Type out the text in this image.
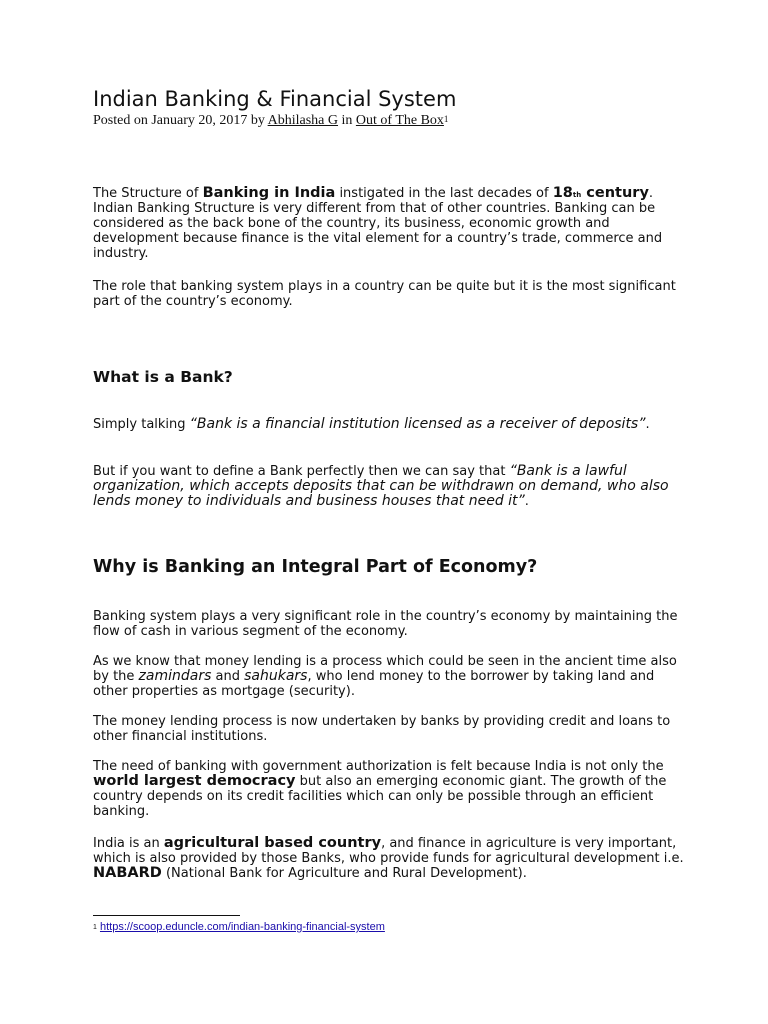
Indian Banking & Financial System
Posted on January 20, 2017 by Abhilasha G in Out of The Box$^1$

The Structure of Banking in India instigated in the last decades of 18th century. Indian Banking Structure is very different from that of other countries. Banking can be considered as the back bone of the country, its business, economic growth and development because finance is the vital element for a country’s trade, commerce and industry.

The role that banking system plays in a country can be quite but it is the most significant part of the country’s economy.

What is a Bank?

Simply talking “Bank is a financial institution licensed as a receiver of deposits”.

But if you want to define a Bank perfectly then we can say that “Bank is a lawful organization, which accepts deposits that can be withdrawn on demand, who also lends money to individuals and business houses that need it”.

Why is Banking an Integral Part of Economy?

Banking system plays a very significant role in the country’s economy by maintaining the flow of cash in various segment of the economy.

As we know that money lending is a process which could be seen in the ancient time also by the zamindars and sahukars, who lend money to the borrower by taking land and other properties as mortgage (security).

The money lending process is now undertaken by banks by providing credit and loans to other financial institutions.

The need of banking with government authorization is felt because India is not only the world largest democracy but also an emerging economic giant. The growth of the country depends on its credit facilities which can only be possible through an efficient banking.

India is an agricultural based country, and finance in agriculture is very important, which is also provided by those Banks, who provide funds for agricultural development i.e. NABARD (National Bank for Agriculture and Rural Development).

$^1$ https://scoop.eduncle.com/indian-banking-financial-system
